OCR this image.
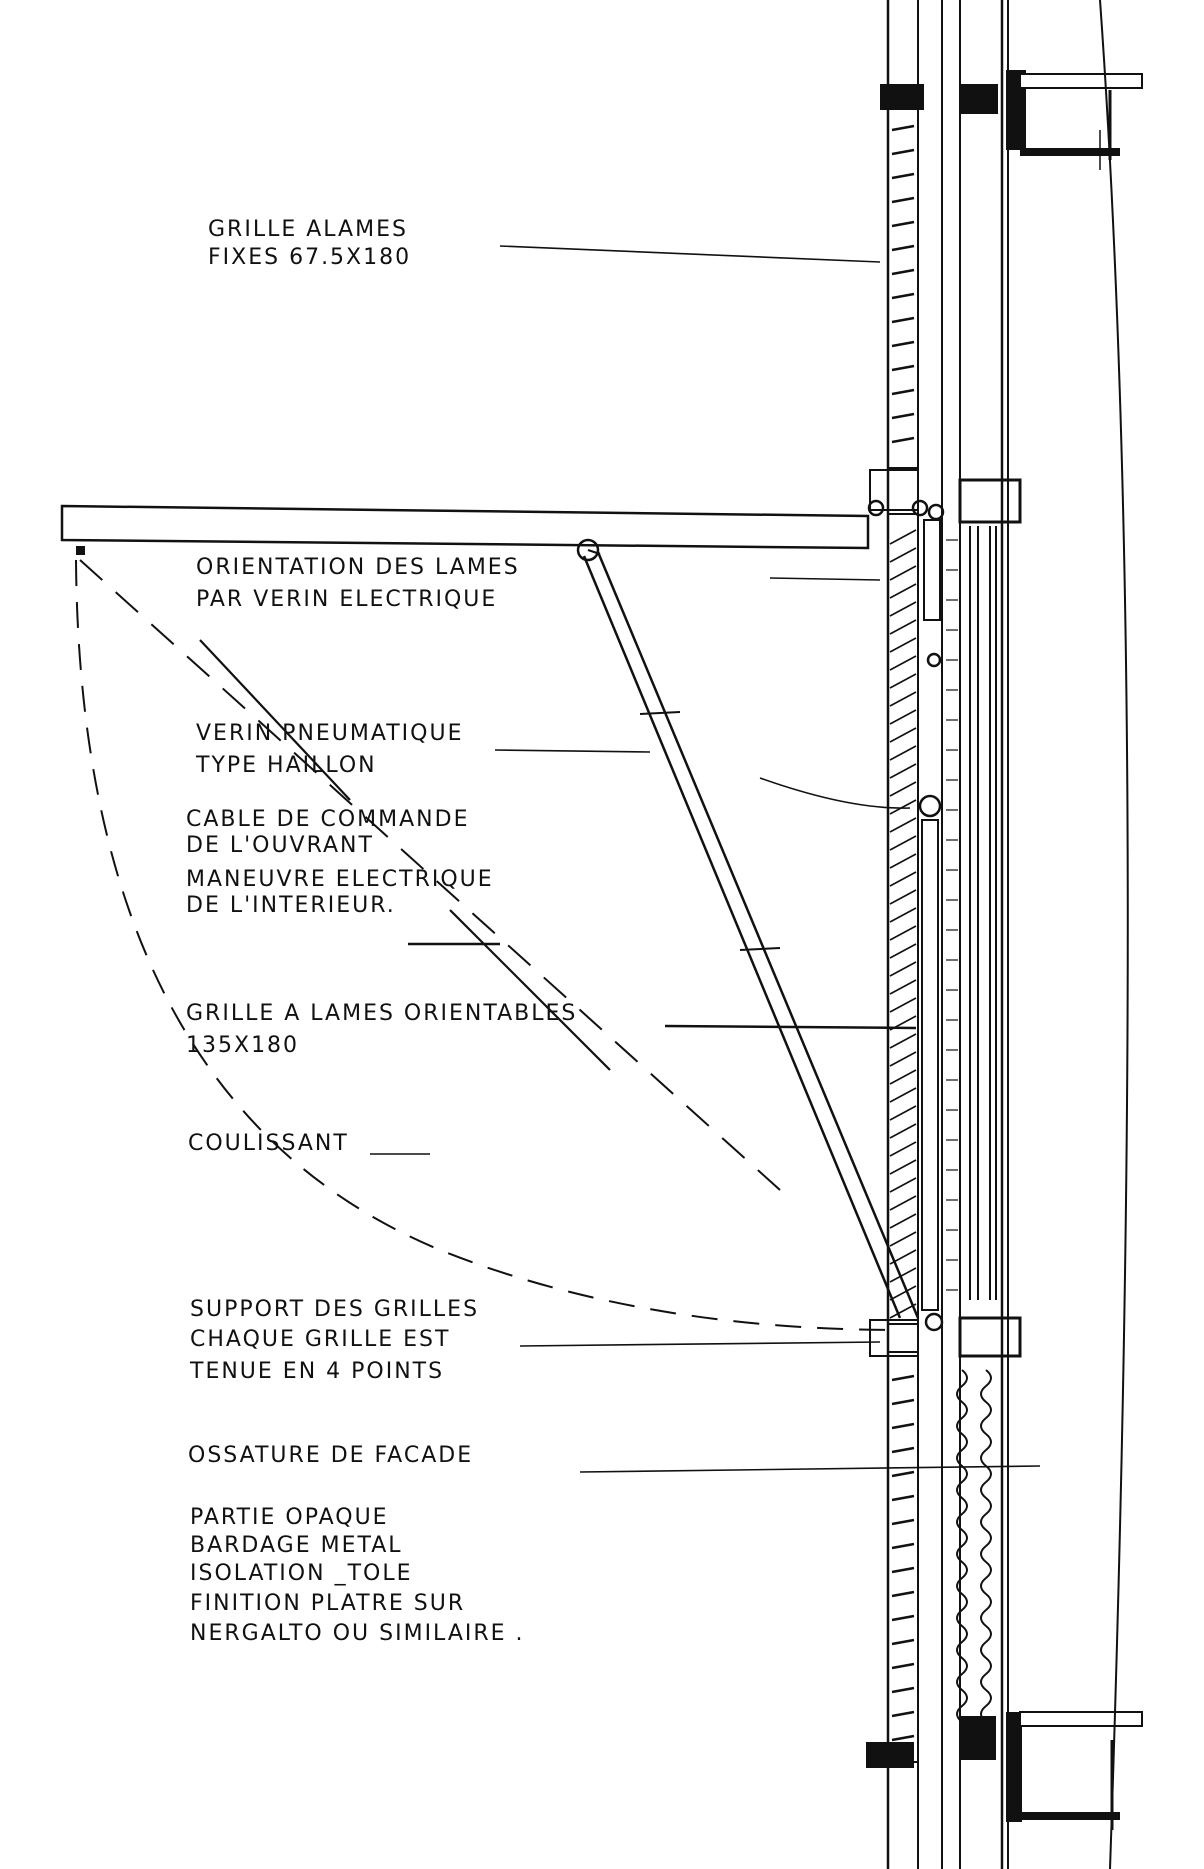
GRILLE ALAMES
FIXES 67.5X180
ORIENTATION DES LAMES
PAR VERIN ELECTRIQUE
VERIN PNEUMATIQUE
TYPE HAILLON
CABLE DE COMMANDE
DE L'OUVRANT
MANEUVRE ELECTRIQUE
DE L'INTERIEUR.
GRILLE A LAMES ORIENTABLES
135X180
COULISSANT
SUPPORT DES GRILLES
CHAQUE GRILLE EST
TENUE EN 4 POINTS
OSSATURE DE FACADE
PARTIE OPAQUE
BARDAGE METAL
ISOLATION _TOLE
FINITION PLATRE SUR
NERGALTO OU SIMILAIRE .
